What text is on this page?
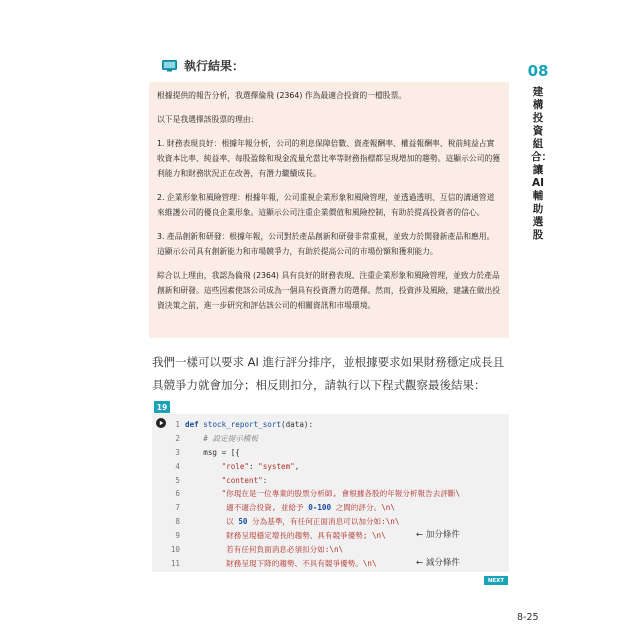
08
建構投資組合：讓AI輔助選股
執行結果：

根據提供的報告分析，我選擇倫飛 (2364) 作為最適合投資的一檔股票。

以下是我選擇該股票的理由：

1. 財務表現良好：根據年報分析，公司的利息保障倍數、資產報酬率、權益報酬率、稅前純益占實收資本比率、純益率、每股盈餘和現金流量允當比率等財務指標都呈現增加的趨勢。這顯示公司的獲利能力和財務狀況正在改善，有潛力繼續成長。

2. 企業形象和風險管理：根據年報，公司重視企業形象和風險管理，並透過透明、互信的溝通管道來維護公司的優良企業形象。這顯示公司注重企業價值和風險控制，有助於提高投資者的信心。

3. 產品創新和研發：根據年報，公司對於產品創新和研發非常重視，並致力於開發新產品和應用。這顯示公司具有創新能力和市場競爭力，有助於提高公司的市場份額和獲利能力。

綜合以上理由，我認為倫飛 (2364) 具有良好的財務表現、注重企業形象和風險管理，並致力於產品創新和研發。這些因素使該公司成為一個具有投資潛力的選擇。然而，投資涉及風險，建議在做出投資決策之前，進一步研究和評估該公司的相關資訊和市場環境。

我們一樣可以要求 AI 進行評分排序，並根據要求如果財務穩定成長且具競爭力就會加分；相反則扣分，請執行以下程式觀察最後結果：
19
1 def stock_report_sort(data):
2 # 設定提示模板
3 msg = [{
4	"role": "system",
5	"content":
6 "你現在是一位專業的股票分析師, 會根據各股的年報分析報告去評斷\
7 適不適合投資, 並給予 0-100 之間的評分。\n\
8 以 50 分為基準，有任何正面消息可以加分如:\n\
9 財務呈現穩定增長的趨勢、具有競爭優勢; \n\	← 加分條件
10 若有任何負面消息必須扣分如:\n\
11 財務呈現下降的趨勢、不具有競爭優勢。\n\	← 減分條件
NEXT
8-25
